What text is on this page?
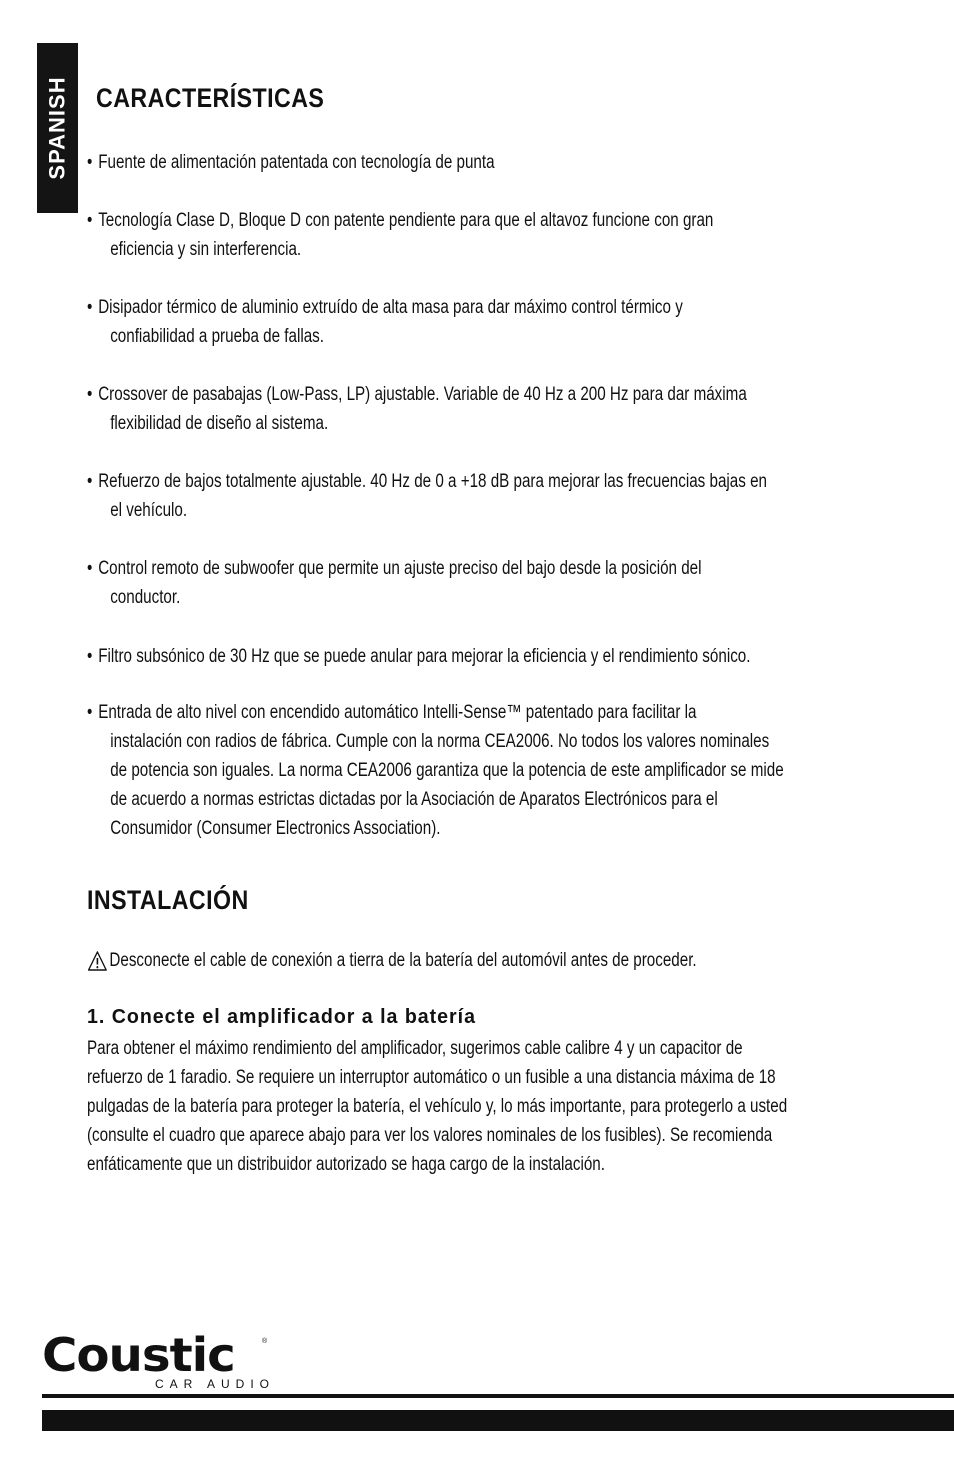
SPANISH CARACTERÍSTICAS
INSTALACIÓN
Desconecte el cable de conexión a tierra de la batería del automóvil antes de proceder.
1. Conecte el amplificador a la batería
Para obtener el máximo rendimiento del amplificador, sugerimos cable calibre 4 y un capacitor de
refuerzo de 1 faradio. Se requiere un interruptor automático o un fusible a una distancia máxima de 18
pulgadas de la batería para proteger la batería, el vehículo y, lo más importante, para protegerlo a usted
(consulte el cuadro que aparece abajo para ver los valores nominales de los fusibles). Se recomienda
enfáticamente que un distribuidor autorizado se haga cargo de la instalación.
Coustic	®
CAR AUDIO
• Fuente de alimentación patentada con tecnología de punta
• Tecnología Clase D, Bloque D con patente pendiente para que el altavoz funcione con gran
eficiencia y sin interferencia.
• Disipador térmico de aluminio extruído de alta masa para dar máximo control térmico y
confiabilidad a prueba de fallas.
• Crossover de pasabajas (Low-Pass, LP) ajustable. Variable de 40 Hz a 200 Hz para dar máxima
flexibilidad de diseño al sistema.
• Refuerzo de bajos totalmente ajustable. 40 Hz de 0 a +18 dB para mejorar las frecuencias bajas en
el vehículo.
• Control remoto de subwoofer que permite un ajuste preciso del bajo desde la posición del
conductor.
• Filtro subsónico de 30 Hz que se puede anular para mejorar la eficiencia y el rendimiento sónico.
• Entrada de alto nivel con encendido automático Intelli-Sense™ patentado para facilitar la
instalación con radios de fábrica. Cumple con la norma CEA2006. No todos los valores nominales
de potencia son iguales. La norma CEA2006 garantiza que la potencia de este amplificador se mide
de acuerdo a normas estrictas dictadas por la Asociación de Aparatos Electrónicos para el
Consumidor (Consumer Electronics Association).
